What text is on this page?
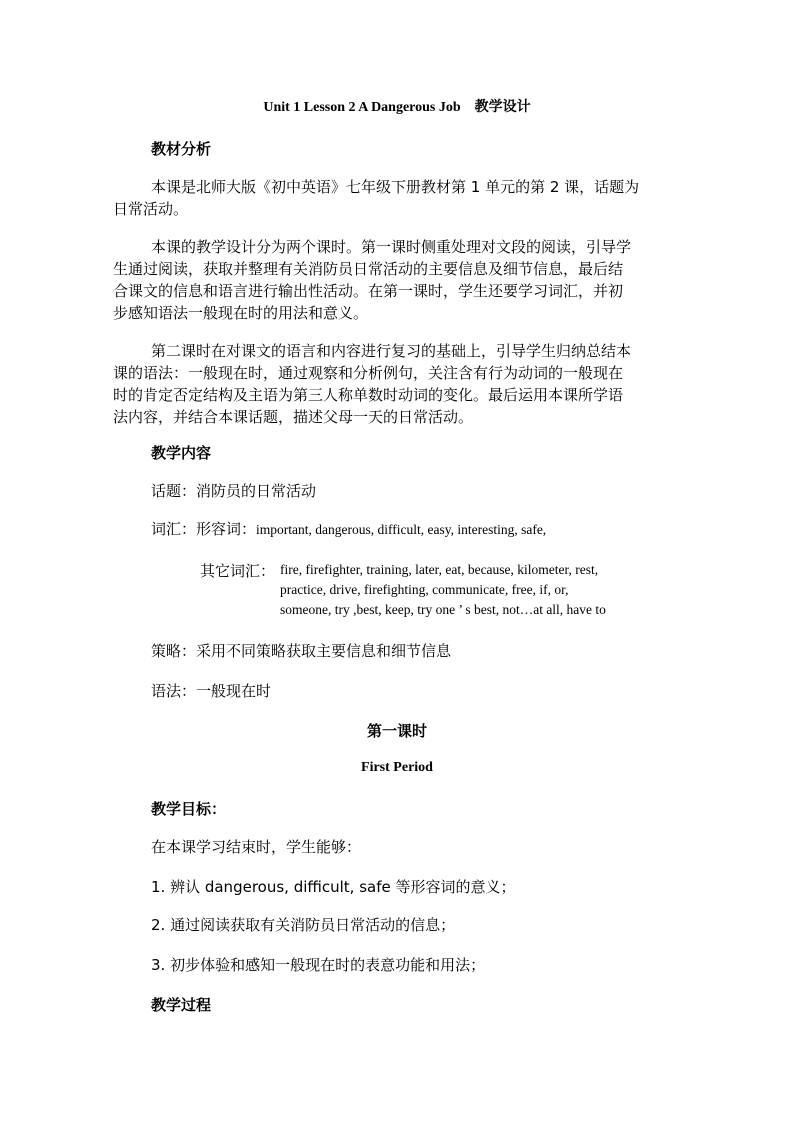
Unit 1 Lesson 2 A Dangerous Job 教学设计
教材分析
本课是北师大版《初中英语》七年级下册教材第 1 单元的第 2 课，话题为
日常活动。
本课的教学设计分为两个课时。第一课时侧重处理对文段的阅读，引导学
生通过阅读，获取并整理有关消防员日常活动的主要信息及细节信息，最后结
合课文的信息和语言进行输出性活动。在第一课时，学生还要学习词汇，并初
步感知语法一般现在时的用法和意义。
第二课时在对课文的语言和内容进行复习的基础上，引导学生归纳总结本
课的语法：一般现在时，通过观察和分析例句，关注含有行为动词的一般现在
时的肯定否定结构及主语为第三人称单数时动词的变化。最后运用本课所学语
法内容，并结合本课话题，描述父母一天的日常活动。
教学内容
话题：消防员的日常活动
词汇：形容词：important, dangerous, difficult, easy, interesting, safe,
其它词汇： fire, firefighter, training, later, eat, because, kilometer, rest,
practice, drive, firefighting, communicate, free, if, or,
someone, try ,best, keep, try one ’ s best, not…at all, have to
策略：采用不同策略获取主要信息和细节信息
语法：一般现在时
第一课时
First Period
教学目标：
在本课学习结束时，学生能够：
1. 辨认 dangerous, difficult, safe 等形容词的意义；
2. 通过阅读获取有关消防员日常活动的信息；
3. 初步体验和感知一般现在时的表意功能和用法；
教学过程
